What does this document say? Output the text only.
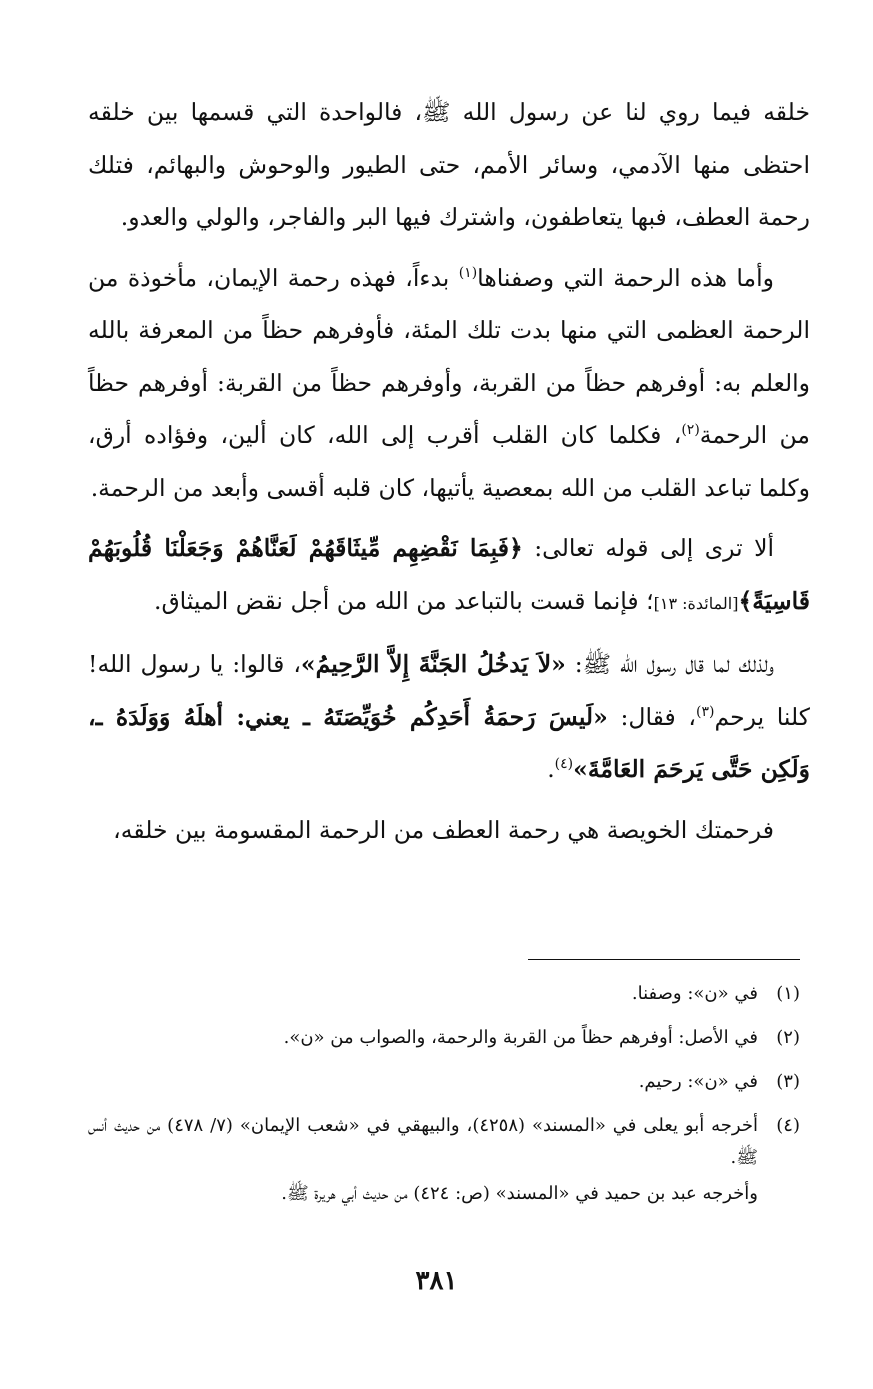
خلقه فيما روي لنا عن رسول الله ﷺ، فالواحدة التي قسمها بين خلقه احتظى منها الآدمي، وسائر الأمم، حتى الطيور والوحوش والبهائم، فتلك رحمة العطف، فبها يتعاطفون، واشترك فيها البر والفاجر، والولي والعدو.

وأما هذه الرحمة التي وصفناها$^{(١)}$ بدءاً، فهذه رحمة الإيمان، مأخوذة من الرحمة العظمى التي منها بدت تلك المئة، فأوفرهم حظاً من المعرفة بالله والعلم به: أوفرهم حظاً من القربة، وأوفرهم حظاً من القربة: أوفرهم حظاً من الرحمة$^{(٢)}$، فكلما كان القلب أقرب إلى الله، كان ألين، وفؤاده أرق، وكلما تباعد القلب من الله بمعصية يأتيها، كان قلبه أقسى وأبعد من الرحمة.

ألا ترى إلى قوله تعالى: ﴿فَبِمَا نَقْضِهِم مِّيثَاقَهُمْ لَعَنَّاهُمْ وَجَعَلْنَا قُلُوبَهُمْ قَاسِيَةً﴾[المائدة: ١٣]؛ فإنما قست بالتباعد من الله من أجل نقض الميثاق.

ولذلك لما قال رسول الله ﷺ: «لاَ يَدخُلُ الجَنَّةَ إِلاَّ الرَّحِيمُ»، قالوا: يا رسول الله! كلنا يرحم$^{(٣)}$، فقال: «لَيسَ رَحمَةُ أَحَدِكُم خُوَيِّصَتَهُ ـ يعني: أهلَهُ وَوَلَدَهُ ـ، وَلَكِن حَتَّى يَرحَمَ العَامَّةَ»$^{(٤)}$.

فرحمتك الخويصة هي رحمة العطف من الرحمة المقسومة بين خلقه،

(١)
في «ن»: وصفنا.
(٢)
في الأصل: أوفرهم حظاً من القربة والرحمة، والصواب من «ن».
(٣)
في «ن»: رحيم.
(٤)
أخرجه أبو يعلى في «المسند» (٤٢٥٨)، والبيهقي في «شعب الإيمان» (٧/ ٤٧٨) من حديث أنس ﷺ.
وأخرجه عبد بن حميد في «المسند» (ص: ٤٢٤) من حديث أبي هريرة ﷺ.
٣٨١
